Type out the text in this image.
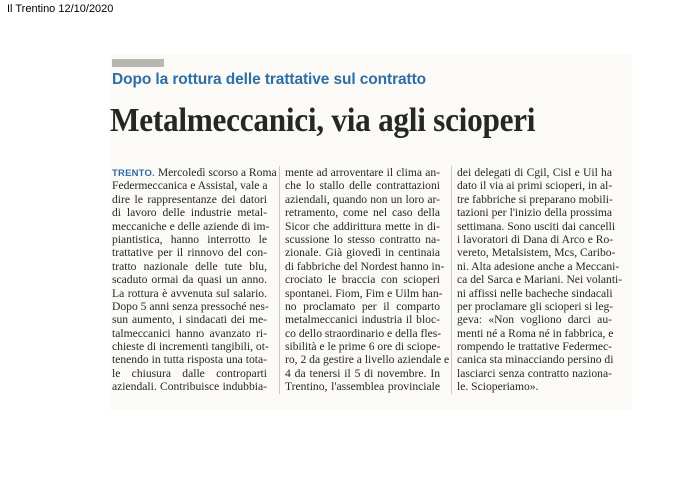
Il Trentino 12/10/2020
Dopo la rottura delle trattative sul contratto
Metalmeccanici, via agli scioperi
TRENTO. Mercoledì scorso a Roma
Federmeccanica e Assistal, vale a
dire le rappresentanze dei datori
di lavoro delle industrie metal-
meccaniche e delle aziende di im-
piantistica, hanno interrotto le
trattative per il rinnovo del con-
tratto nazionale delle tute blu,
scaduto ormai da quasi un anno.
La rottura è avvenuta sul salario.
Dopo 5 anni senza pressoché nes-
sun aumento, i sindacati dei me-
talmeccanici hanno avanzato ri-
chieste di incrementi tangibili, ot-
tenendo in tutta risposta una tota-
le chiusura dalle controparti
aziendali. Contribuisce indubbia-
mente ad arroventare il clima an-
che lo stallo delle contrattazioni
aziendali, quando non un loro ar-
retramento, come nel caso della
Sicor che addirittura mette in di-
scussione lo stesso contratto na-
zionale. Già giovedì in centinaia
di fabbriche del Nordest hanno in-
crociato le braccia con scioperi
spontanei. Fiom, Fim e Uilm han-
no proclamato per il comparto
metalmeccanici industria il bloc-
co dello straordinario e della fles-
sibilità e le prime 6 ore di sciope-
ro, 2 da gestire a livello aziendale e
4 da tenersi il 5 di novembre. In
Trentino, l'assemblea provinciale
dei delegati di Cgil, Cisl e Uil ha
dato il via ai primi scioperi, in al-
tre fabbriche si preparano mobili-
tazioni per l'inizio della prossima
settimana. Sono usciti dai cancelli
i lavoratori di Dana di Arco e Ro-
vereto, Metalsistem, Mcs, Caribo-
ni. Alta adesione anche a Meccani-
ca del Sarca e Mariani. Nei volanti-
ni affissi nelle bacheche sindacali
per proclamare gli scioperi si leg-
geva: «Non vogliono darci au-
menti né a Roma né in fabbrica, e
rompendo le trattative Federmec-
canica sta minacciando persino di
lasciarci senza contratto naziona-
le. Scioperiamo».
